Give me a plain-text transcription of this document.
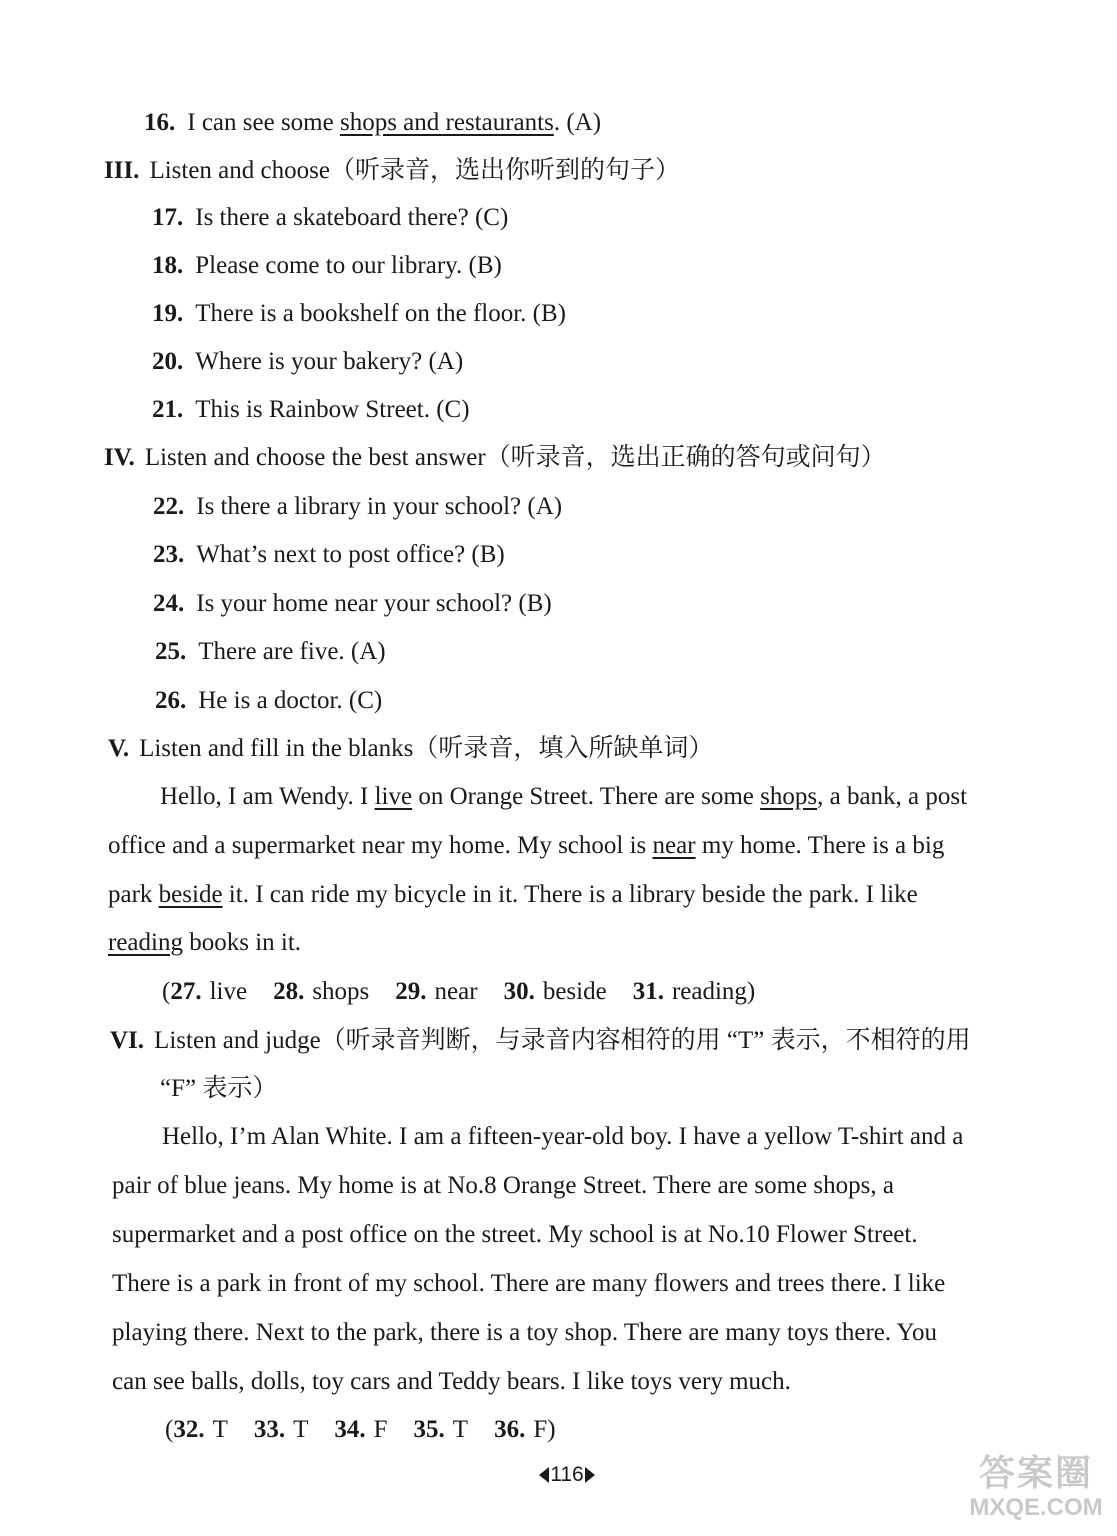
16. I can see some shops and restaurants. (A)
III. Listen and choose（听录音，选出你听到的句子）
17. Is there a skateboard there? (C)
18. Please come to our library. (B)
19. There is a bookshelf on the floor. (B)
20. Where is your bakery? (A)
21. This is Rainbow Street. (C)
IV. Listen and choose the best answer（听录音，选出正确的答句或问句）
22. Is there a library in your school? (A)
23. What’s next to post office? (B)
24. Is your home near your school? (B)
25. There are five. (A)
26. He is a doctor. (C)
V. Listen and fill in the blanks（听录音，填入所缺单词）
Hello, I am Wendy. I live on Orange Street. There are some shops, a bank, a post
office and a supermarket near my home. My school is near my home. There is a big
park beside it. I can ride my bicycle in it. There is a library beside the park. I like
reading books in it.
(27. live 28. shops 29. near 30. beside 31. reading)
VI. Listen and judge（听录音判断，与录音内容相符的用 “T” 表示，不相符的用
“F” 表示）
Hello, I’m Alan White. I am a fifteen-year-old boy. I have a yellow T-shirt and a
pair of blue jeans. My home is at No.8 Orange Street. There are some shops, a
supermarket and a post office on the street. My school is at No.10 Flower Street.
There is a park in front of my school. There are many flowers and trees there. I like
playing there. Next to the park, there is a toy shop. There are many toys there. You
can see balls, dolls, toy cars and Teddy bears. I like toys very much.
(32. T 33. T 34. F 35. T 36. F)
116	答案圈
MXQE.COM
